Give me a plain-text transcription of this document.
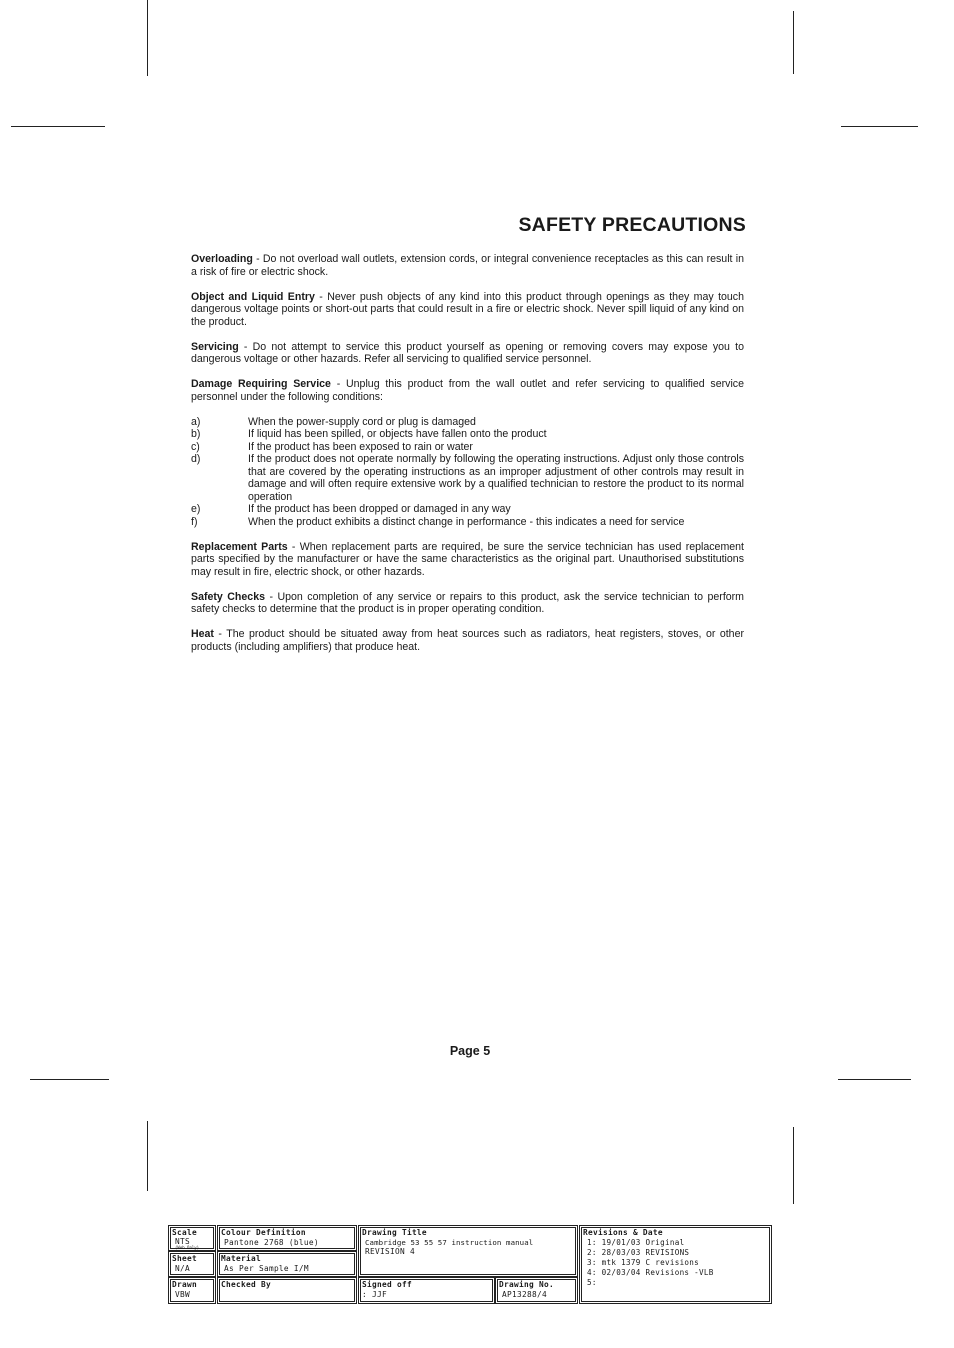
SAFETY PRECAUTIONS

Overloading - Do not overload wall outlets, extension cords, or integral convenience receptacles as this can result in a risk of fire or electric shock.

Object and Liquid Entry - Never push objects of any kind into this product through openings as they may touch dangerous voltage points or short-out parts that could result in a fire or electric shock. Never spill liquid of any kind on the product.

Servicing - Do not attempt to service this product yourself as opening or removing covers may expose you to dangerous voltage or other hazards. Refer all servicing to qualified service personnel.

Damage Requiring Service - Unplug this product from the wall outlet and refer servicing to qualified service personnel under the following conditions:

a)	When the power-supply cord or plug is damaged
b)	If liquid has been spilled, or objects have fallen onto the product
c)	If the product has been exposed to rain or water
d)	If the product does not operate normally by following the operating instructions. Adjust only those controls that are covered by the operating instructions as an improper adjustment of other controls may result in damage and will often require extensive work by a qualified technician to restore the product to its normal operation
e)	If the product has been dropped or damaged in any way
f)	When the product exhibits a distinct change in performance - this indicates a need for service

Replacement Parts - When replacement parts are required, be sure the service technician has used replacement parts specified by the manufacturer or have the same characteristics as the original part. Unauthorised substitutions may result in fire, electric shock, or other hazards.

Safety Checks - Upon completion of any service or repairs to this product, ask the service technician to perform safety checks to determine that the product is in proper operating condition.

Heat - The product should be situated away from heat sources such as radiators, heat registers, stoves, or other products (including amplifiers) that produce heat.

Page 5
Scale
NTS
(Web Only)
Sheet
N/A
Drawn
VBW
Colour Definition
Pantone 2768 (blue)
Material
As Per Sample I/M
Checked By
Drawing Title
Cambridge 53 55 57 instruction manual
REVISION 4
Signed off
: JJF
Drawing No.
AP13288/4
Revisions & Date
1: 19/01/03 Original
2: 28/03/03 REVISIONS
3: mtk 1379 C revisions
4: 02/03/04 Revisions -VLB
5:
